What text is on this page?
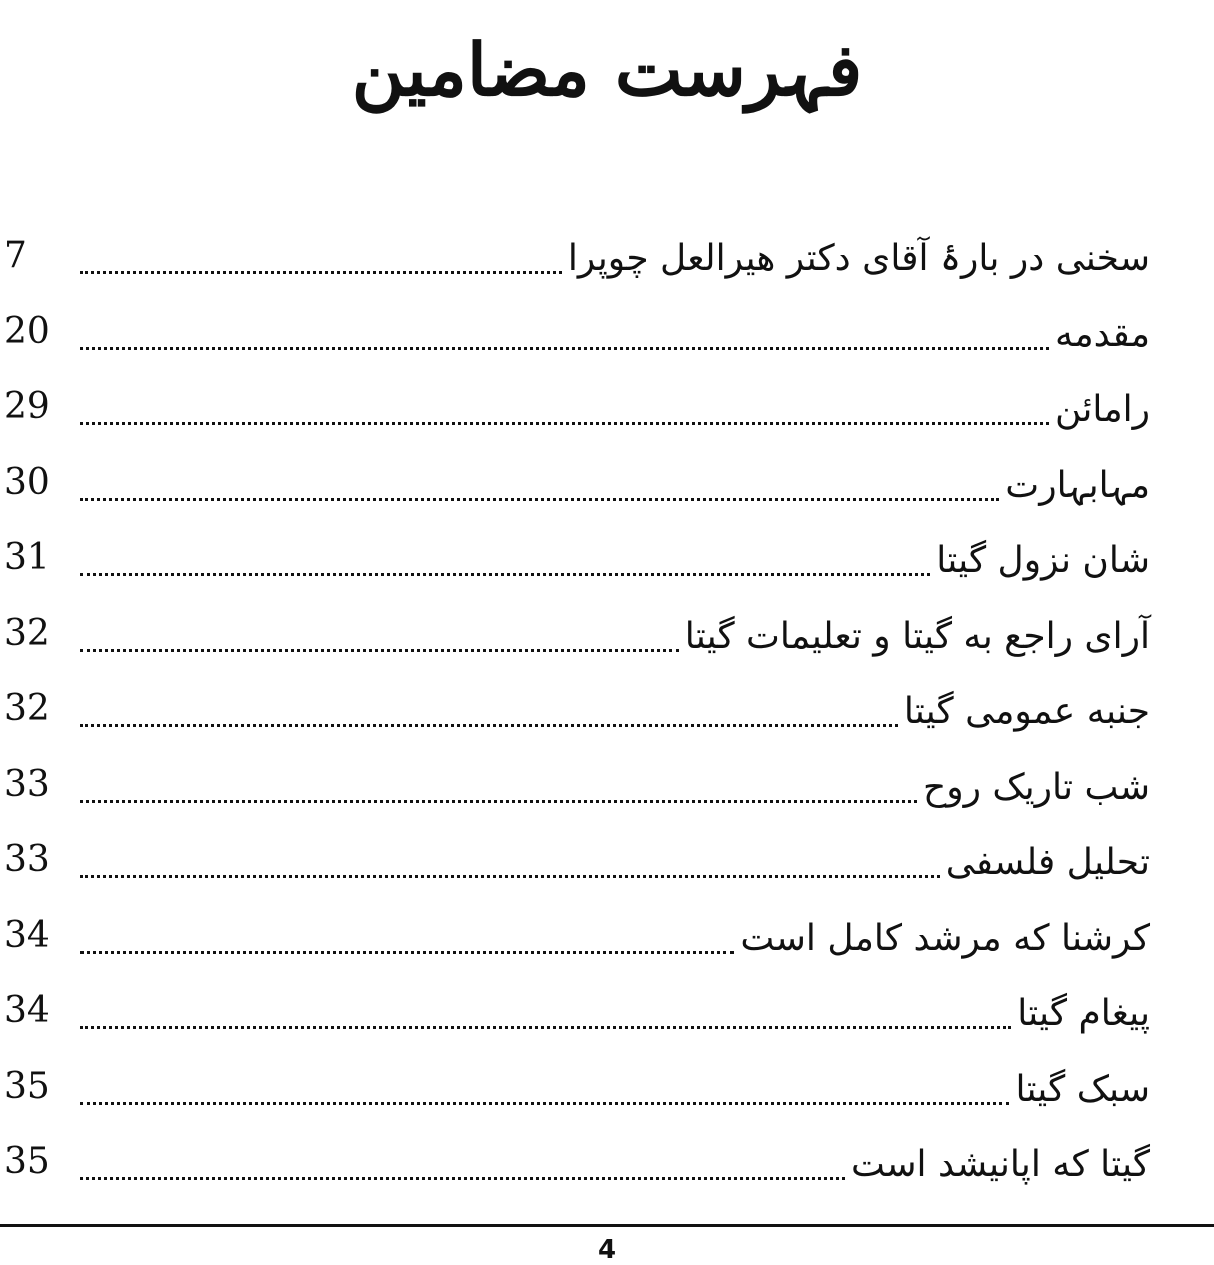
فہرست مضامین
7	سخنی در بارۂ آقای دکتر هیرالعل چوپرا
20	مقدمه
29	رامائن
30	مہابہارت
31	شان نزول گیتا
32	آرای راجع به گیتا و تعلیمات گیتا
32	جنبه عمومی گیتا
33	شب تاریک روح
33	تحلیل فلسفی
34	کرشنا که مرشد کامل است
34	پیغام گیتا
35	سبک گیتا
35	گیتا که اپانیشد است
4
